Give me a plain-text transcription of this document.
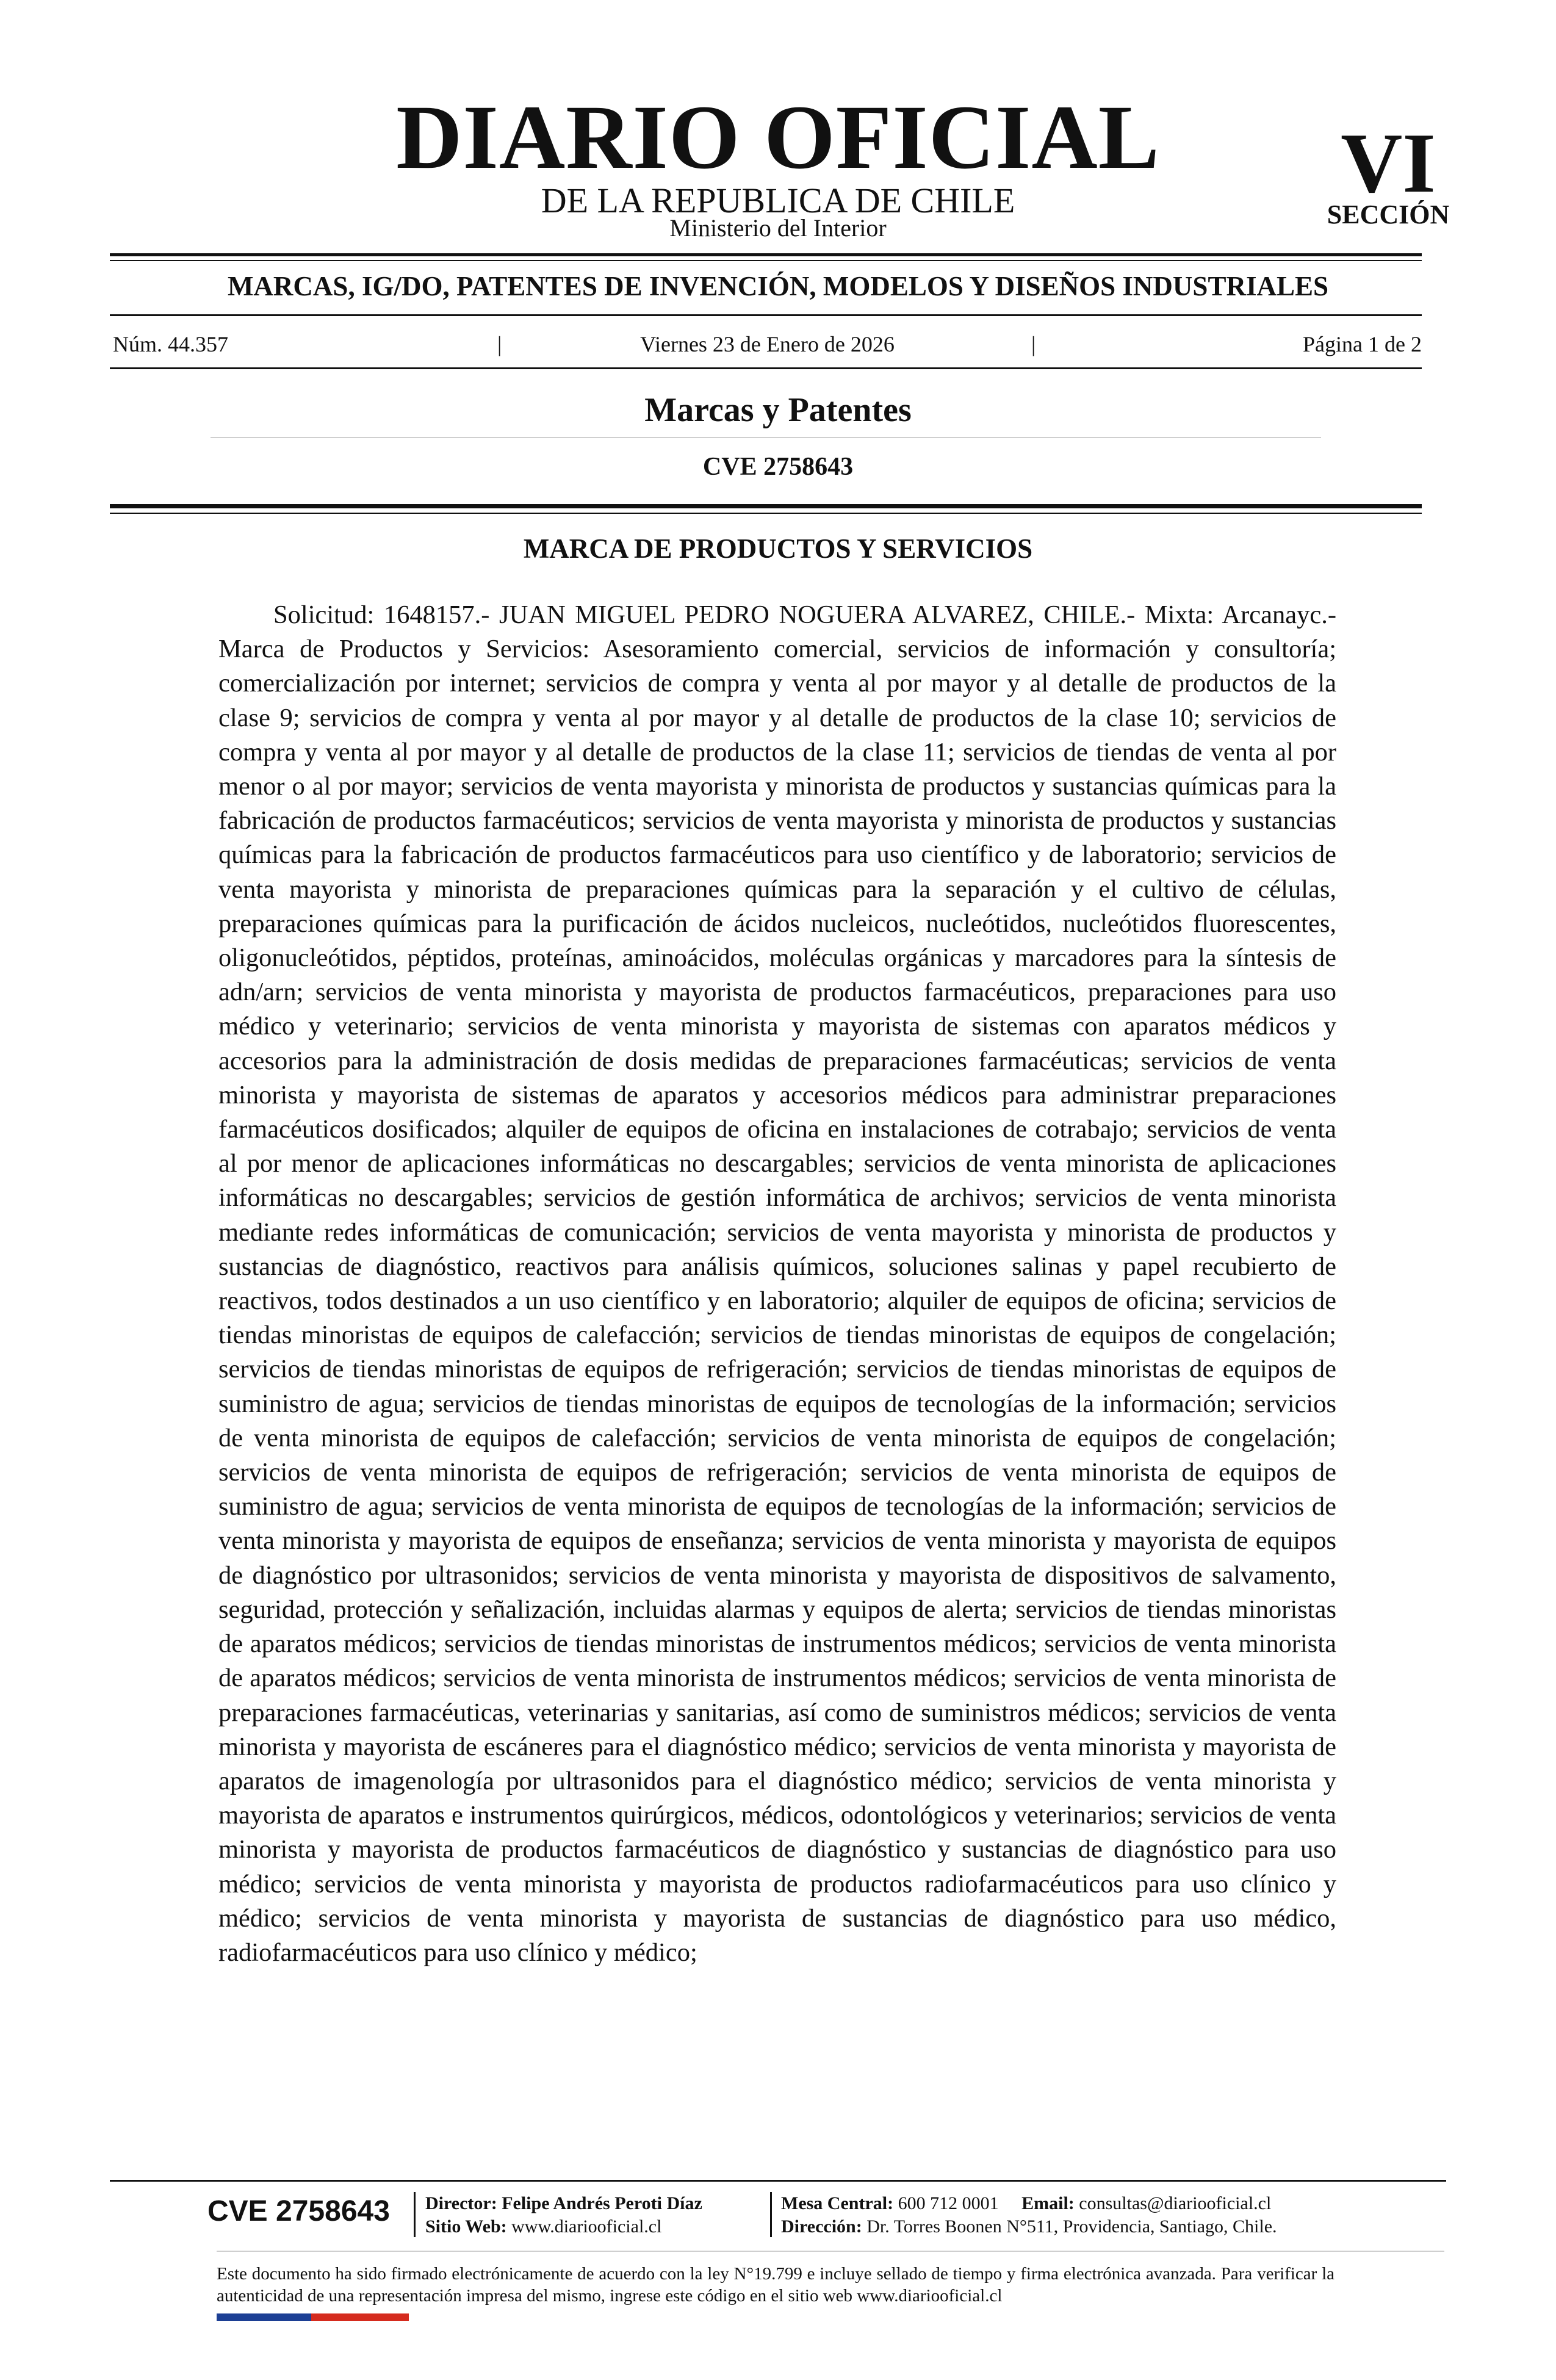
DIARIO OFICIAL
DE LA REPUBLICA DE CHILE
Ministerio del Interior
VI
SECCIÓN
MARCAS, IG/DO, PATENTES DE INVENCIÓN, MODELOS Y DISEÑOS INDUSTRIALES
Núm. 44.357	|	Viernes 23 de Enero de 2026	|	Página 1 de 2
Marcas y Patentes
CVE 2758643
MARCA DE PRODUCTOS Y SERVICIOS

Solicitud: 1648157.- JUAN MIGUEL PEDRO NOGUERA ALVAREZ, CHILE.- Mixta: Arcanayc.- Marca de Productos y Servicios: Asesoramiento comercial, servicios de información y consultoría; comercialización por internet; servicios de compra y venta al por mayor y al detalle de productos de la clase 9; servicios de compra y venta al por mayor y al detalle de productos de la clase 10; servicios de compra y venta al por mayor y al detalle de productos de la clase 11; servicios de tiendas de venta al por menor o al por mayor; servicios de venta mayorista y minorista de productos y sustancias químicas para la fabricación de productos farmacéuticos; servicios de venta mayorista y minorista de productos y sustancias químicas para la fabricación de productos farmacéuticos para uso científico y de laboratorio; servicios de venta mayorista y minorista de preparaciones químicas para la separación y el cultivo de células, preparaciones químicas para la purificación de ácidos nucleicos, nucleótidos, nucleótidos fluorescentes, oligonucleótidos, péptidos, proteínas, aminoácidos, moléculas orgánicas y marcadores para la síntesis de adn/arn; servicios de venta minorista y mayorista de productos farmacéuticos, preparaciones para uso médico y veterinario; servicios de venta minorista y mayorista de sistemas con aparatos médicos y accesorios para la administración de dosis medidas de preparaciones farmacéuticas; servicios de venta minorista y mayorista de sistemas de aparatos y accesorios médicos para administrar preparaciones farmacéuticos dosificados; alquiler de equipos de oficina en instalaciones de cotrabajo; servicios de venta al por menor de aplicaciones informáticas no descargables; servicios de venta minorista de aplicaciones informáticas no descargables; servicios de gestión informática de archivos; servicios de venta minorista mediante redes informáticas de comunicación; servicios de venta mayorista y minorista de productos y sustancias de diagnóstico, reactivos para análisis químicos, soluciones salinas y papel recubierto de reactivos, todos destinados a un uso científico y en laboratorio; alquiler de equipos de oficina; servicios de tiendas minoristas de equipos de calefacción; servicios de tiendas minoristas de equipos de congelación; servicios de tiendas minoristas de equipos de refrigeración; servicios de tiendas minoristas de equipos de suministro de agua; servicios de tiendas minoristas de equipos de tecnologías de la información; servicios de venta minorista de equipos de calefacción; servicios de venta minorista de equipos de congelación; servicios de venta minorista de equipos de refrigeración; servicios de venta minorista de equipos de suministro de agua; servicios de venta minorista de equipos de tecnologías de la información; servicios de venta minorista y mayorista de equipos de enseñanza; servicios de venta minorista y mayorista de equipos de diagnóstico por ultrasonidos; servicios de venta minorista y mayorista de dispositivos de salvamento, seguridad, protección y señalización, incluidas alarmas y equipos de alerta; servicios de tiendas minoristas de aparatos médicos; servicios de tiendas minoristas de instrumentos médicos; servicios de venta minorista de aparatos médicos; servicios de venta minorista de instrumentos médicos; servicios de venta minorista de preparaciones farmacéuticas, veterinarias y sanitarias, así como de suministros médicos; servicios de venta minorista y mayorista de escáneres para el diagnóstico médico; servicios de venta minorista y mayorista de aparatos de imagenología por ultrasonidos para el diagnóstico médico; servicios de venta minorista y mayorista de aparatos e instrumentos quirúrgicos, médicos, odontológicos y veterinarios; servicios de venta minorista y mayorista de productos farmacéuticos de diagnóstico y sustancias de diagnóstico para uso médico; servicios de venta minorista y mayorista de productos radiofarmacéuticos para uso clínico y médico; servicios de venta minorista y mayorista de sustancias de diagnóstico para uso médico, radiofarmacéuticos para uso clínico y médico;

CVE 2758643 Director: Felipe Andrés Peroti Díaz
Sitio Web: www.diariooficial.cl
Mesa Central: 600 712 0001 Email: consultas@diariooficial.cl
Dirección: Dr. Torres Boonen N°511, Providencia, Santiago, Chile.

Este documento ha sido firmado electrónicamente de acuerdo con la ley N°19.799 e incluye sellado de tiempo y firma electrónica avanzada. Para verificar la autenticidad de una representación impresa del mismo, ingrese este código en el sitio web www.diariooficial.cl
